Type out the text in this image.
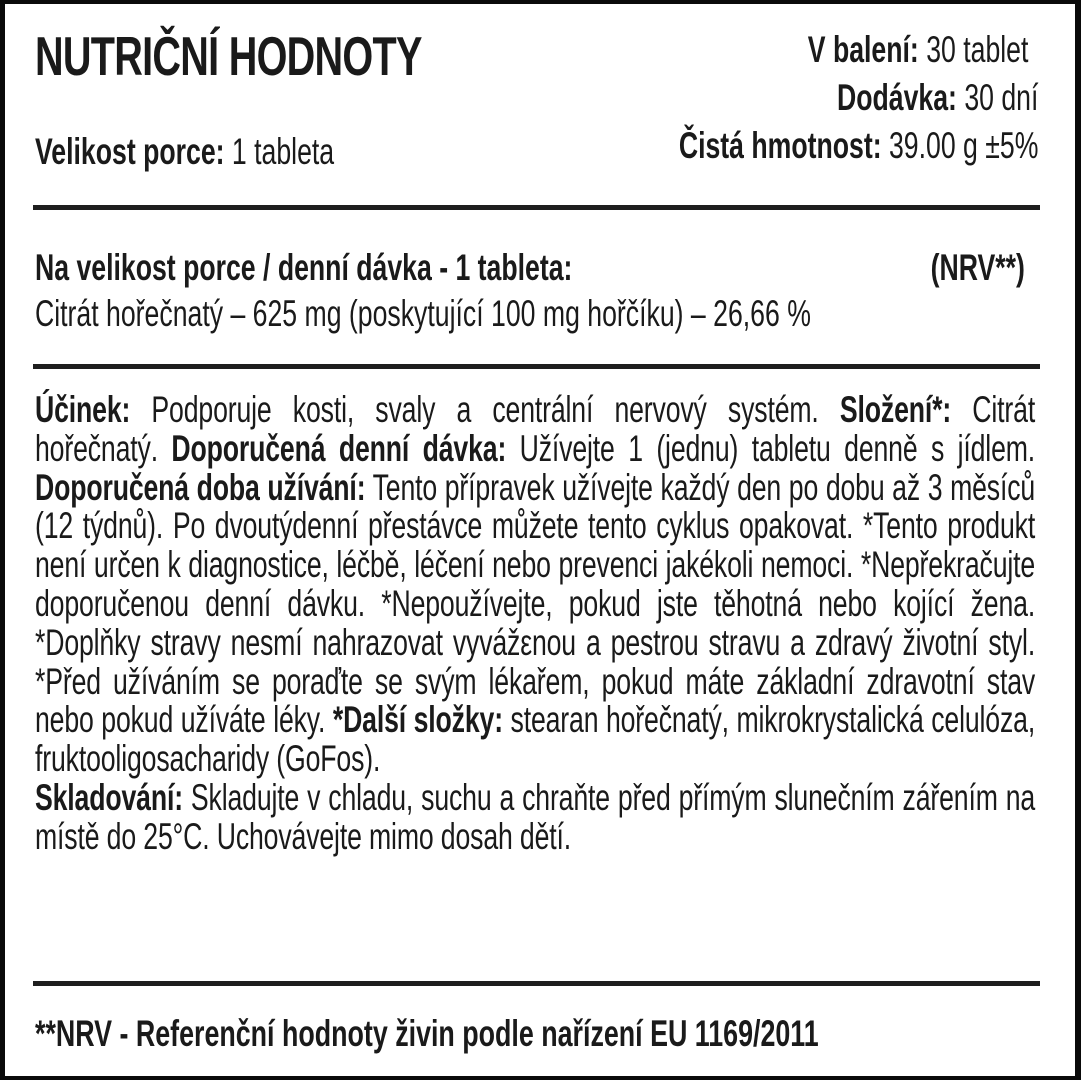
NUTRIČNÍ HODNOTY
Velikost porce: 1 tableta
V balení: 30 tablet
Dodávka: 30 dní
Čistá hmotnost: 39.00 g ±5%
Na velikost porce / denní dávka - 1 tableta:	(NRV**)
Citrát hořečnatý – 625 mg (poskytující 100 mg hořčíku) – 26,66 %

Účinek: Podporuje kosti, svaly a centrální nervový systém. Složení*: Citrát hořečnatý. Doporučená denní dávka: Užívejte 1 (jednu) tabletu denně s jídlem. Doporučená doba užívání: Tento přípravek užívejte každý den po dobu až 3 měsíců (12 týdnů). Po dvoutýdenní přestávce můžete tento cyklus opakovat. *Tento produkt není určen k diagnostice, léčbě, léčení nebo prevenci jakékoli nemoci. *Nepřekračujte doporučenou denní dávku. *Nepoužívejte, pokud jste těhotná nebo kojící žena. *Doplňky stravy nesmí nahrazovat vyvážεnou a pestrou stravu a zdravý životní styl. *Před užíváním se poraďte se svým lékařem, pokud máte základní zdravotní stav nebo pokud užíváte léky. *Další složky: stearan hořečnatý, mikrokrystalická celulóza, fruktooligosacharidy (GoFos).

Skladování: Skladujte v chladu, suchu a chraňte před přímým slunečním zářením na místě do 25°C. Uchovávejte mimo dosah dětí.

**NRV - Referenční hodnoty živin podle nařízení EU 1169/2011
